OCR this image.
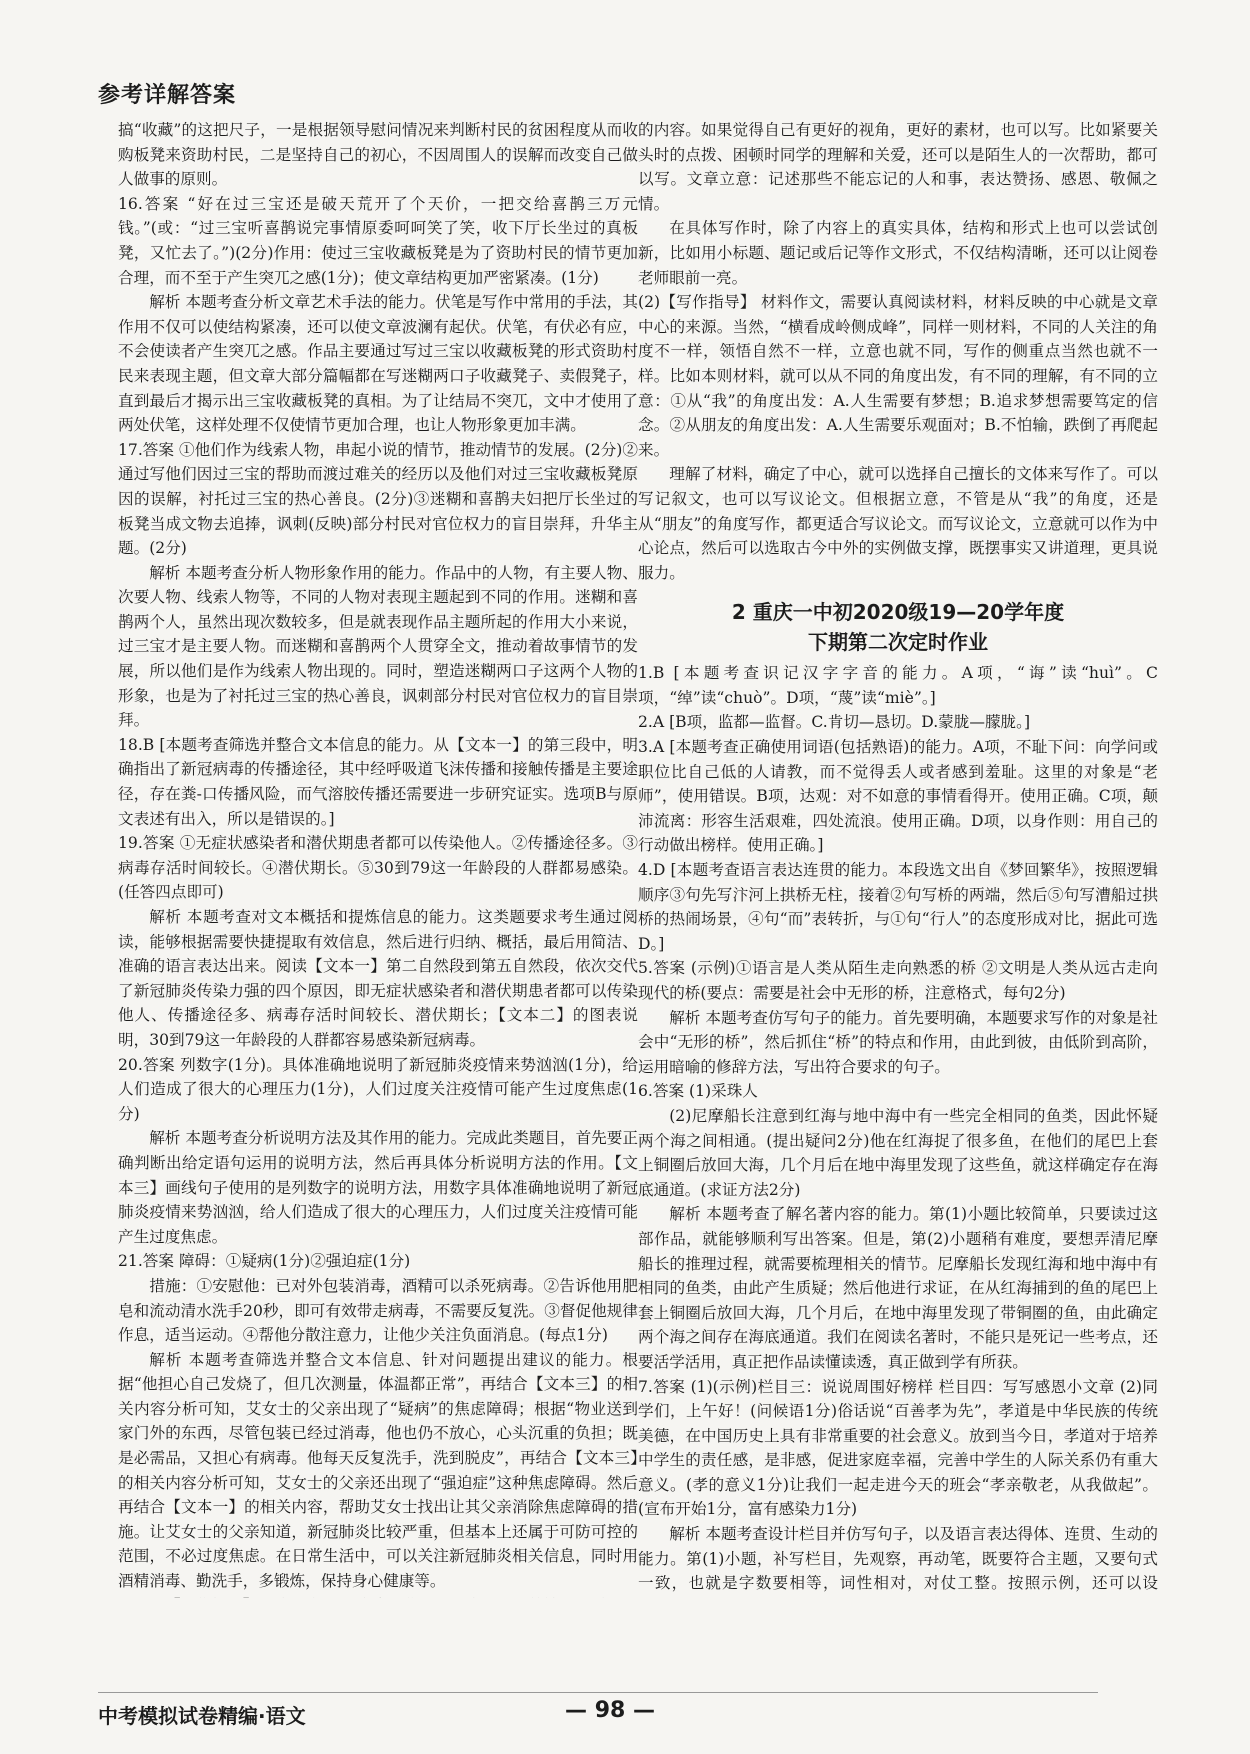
参考详解答案

搞“收藏”的这把尺子，一是根据领导慰问情况来判断村民的贫困程度从而收购板凳来资助村民，二是坚持自己的初心，不因周围人的误解而改变自己做人做事的原则。

16.答案 “好在过三宝还是破天荒开了个天价，一把交给喜鹊三万元钱。”(或：“过三宝听喜鹊说完事情原委呵呵笑了笑，收下厅长坐过的真板凳，又忙去了。”)(2分)作用：使过三宝收藏板凳是为了资助村民的情节更加合理，而不至于产生突兀之感(1分)；使文章结构更加严密紧凑。(1分)

解析 本题考查分析文章艺术手法的能力。伏笔是写作中常用的手法，其作用不仅可以使结构紧凑，还可以使文章波澜有起伏。伏笔，有伏必有应，不会使读者产生突兀之感。作品主要通过写过三宝以收藏板凳的形式资助村民来表现主题，但文章大部分篇幅都在写迷糊两口子收藏凳子、卖假凳子，直到最后才揭示出三宝收藏板凳的真相。为了让结局不突兀，文中才使用了两处伏笔，这样处理不仅使情节更加合理，也让人物形象更加丰满。

17.答案 ①他们作为线索人物，串起小说的情节，推动情节的发展。(2分)②通过写他们因过三宝的帮助而渡过难关的经历以及他们对过三宝收藏板凳原因的误解，衬托过三宝的热心善良。(2分)③迷糊和喜鹊夫妇把厅长坐过的板凳当成文物去追捧，讽刺(反映)部分村民对官位权力的盲目崇拜，升华主题。(2分)

解析 本题考查分析人物形象作用的能力。作品中的人物，有主要人物、次要人物、线索人物等，不同的人物对表现主题起到不同的作用。迷糊和喜鹊两个人，虽然出现次数较多，但是就表现作品主题所起的作用大小来说，过三宝才是主要人物。而迷糊和喜鹊两个人贯穿全文，推动着故事情节的发展，所以他们是作为线索人物出现的。同时，塑造迷糊两口子这两个人物的形象，也是为了衬托过三宝的热心善良，讽刺部分村民对官位权力的盲目崇拜。

18.B [本题考查筛选并整合文本信息的能力。从【文本一】的第三段中，明确指出了新冠病毒的传播途径，其中经呼吸道飞沫传播和接触传播是主要途径，存在粪-口传播风险，而气溶胶传播还需要进一步研究证实。选项B与原文表述有出入，所以是错误的。]

19.答案 ①无症状感染者和潜伏期患者都可以传染他人。②传播途径多。③病毒存活时间较长。④潜伏期长。⑤30到79这一年龄段的人群都易感染。(任答四点即可)

解析 本题考查对文本概括和提炼信息的能力。这类题要求考生通过阅读，能够根据需要快捷提取有效信息，然后进行归纳、概括，最后用简洁、准确的语言表达出来。阅读【文本一】第二自然段到第五自然段，依次交代了新冠肺炎传染力强的四个原因，即无症状感染者和潜伏期患者都可以传染他人、传播途径多、病毒存活时间较长、潜伏期长；【文本二】的图表说明，30到79这一年龄段的人群都容易感染新冠病毒。

20.答案 列数字(1分)。具体准确地说明了新冠肺炎疫情来势汹汹(1分)，给人们造成了很大的心理压力(1分)，人们过度关注疫情可能产生过度焦虑(1分)

解析 本题考查分析说明方法及其作用的能力。完成此类题目，首先要正确判断出给定语句运用的说明方法，然后再具体分析说明方法的作用。【文本三】画线句子使用的是列数字的说明方法，用数字具体准确地说明了新冠肺炎疫情来势汹汹，给人们造成了很大的心理压力，人们过度关注疫情可能产生过度焦虑。

21.答案 障碍：①疑病(1分)②强迫症(1分)

措施：①安慰他：已对外包装消毒，酒精可以杀死病毒。②告诉他用肥皂和流动清水洗手20秒，即可有效带走病毒，不需要反复洗。③督促他规律作息，适当运动。④帮他分散注意力，让他少关注负面消息。(每点1分)

解析 本题考查筛选并整合文本信息、针对问题提出建议的能力。根据“他担心自己发烧了，但几次测量，体温都正常”，再结合【文本三】的相关内容分析可知，艾女士的父亲出现了“疑病”的焦虑障碍；根据“物业送到家门外的东西，尽管包装已经过消毒，他也仍不放心，心头沉重的负担；既是必需品，又担心有病毒。他每天反复洗手，洗到脱皮”，再结合【文本三】的相关内容分析可知，艾女士的父亲还出现了“强迫症”这种焦虑障碍。然后再结合【文本一】的相关内容，帮助艾女士找出让其父亲消除焦虑障碍的措施。让艾女士的父亲知道，新冠肺炎比较严重，但基本上还属于可防可控的范围，不必过度焦虑。在日常生活中，可以关注新冠肺炎相关信息，同时用酒精消毒、勤洗手，多锻炼，保持身心健康等。

的内容。如果觉得自己有更好的视角，更好的素材，也可以写。比如紧要关头时的点拨、困顿时同学的理解和关爱，还可以是陌生人的一次帮助，都可以写。文章立意：记述那些不能忘记的人和事，表达赞扬、感恩、敬佩之情。

在具体写作时，除了内容上的真实具体，结构和形式上也可以尝试创新，比如用小标题、题记或后记等作文形式，不仅结构清晰，还可以让阅卷老师眼前一亮。

(2)【写作指导】 材料作文，需要认真阅读材料，材料反映的中心就是文章中心的来源。当然，“横看成岭侧成峰”，同样一则材料，不同的人关注的角度不一样，领悟自然不一样，立意也就不同，写作的侧重点当然也就不一样。比如本则材料，就可以从不同的角度出发，有不同的理解，有不同的立意：①从“我”的角度出发：A.人生需要有梦想；B.追求梦想需要笃定的信念。②从朋友的角度出发：A.人生需要乐观面对；B.不怕输，跌倒了再爬起来。

理解了材料，确定了中心，就可以选择自己擅长的文体来写作了。可以写记叙文，也可以写议论文。但根据立意，不管是从“我”的角度，还是从“朋友”的角度写作，都更适合写议论文。而写议论文，立意就可以作为中心论点，然后可以选取古今中外的实例做支撑，既摆事实又讲道理，更具说服力。

2 重庆一中初2020级19—20学年度
下期第二次定时作业

1.B [本题考查识记汉字字音的能力。A项，“诲”读“huì”。C项，“绰”读“chuò”。D项，“蔑”读“miè”。]

2.A [B项，监都—监督。C.肯切—恳切。D.蒙胧—朦胧。]

3.A [本题考查正确使用词语(包括熟语)的能力。A项，不耻下问：向学问或职位比自己低的人请教，而不觉得丢人或者感到羞耻。这里的对象是“老师”，使用错误。B项，达观：对不如意的事情看得开。使用正确。C项，颠沛流离：形容生活艰难，四处流浪。使用正确。D项，以身作则：用自己的行动做出榜样。使用正确。]

4.D [本题考查语言表达连贯的能力。本段选文出自《梦回繁华》，按照逻辑顺序③句先写汴河上拱桥无柱，接着②句写桥的两端，然后⑤句写漕船过拱桥的热闹场景，④句“而”表转折，与①句“行人”的态度形成对比，据此可选D。]

5.答案 (示例)①语言是人类从陌生走向熟悉的桥 ②文明是人类从远古走向现代的桥(要点：需要是社会中无形的桥，注意格式，每句2分)

解析 本题考查仿写句子的能力。首先要明确，本题要求写作的对象是社会中“无形的桥”，然后抓住“桥”的特点和作用，由此到彼，由低阶到高阶，运用暗喻的修辞方法，写出符合要求的句子。

6.答案 (1)采珠人

(2)尼摩船长注意到红海与地中海中有一些完全相同的鱼类，因此怀疑两个海之间相通。(提出疑问2分)他在红海捉了很多鱼，在他们的尾巴上套上铜圈后放回大海，几个月后在地中海里发现了这些鱼，就这样确定存在海底通道。(求证方法2分)

解析 本题考查了解名著内容的能力。第(1)小题比较简单，只要读过这部作品，就能够顺利写出答案。但是，第(2)小题稍有难度，要想弄清尼摩船长的推理过程，就需要梳理相关的情节。尼摩船长发现红海和地中海中有相同的鱼类，由此产生质疑；然后他进行求证，在从红海捕到的鱼的尾巴上套上铜圈后放回大海，几个月后，在地中海里发现了带铜圈的鱼，由此确定两个海之间存在海底通道。我们在阅读名著时，不能只是死记一些考点，还要活学活用，真正把作品读懂读透，真正做到学有所获。

7.答案 (1)(示例)栏目三：说说周围好榜样 栏目四：写写感恩小文章 (2)同学们，上午好！(问候语1分)俗话说“百善孝为先”，孝道是中华民族的传统美德，在中国历史上具有非常重要的社会意义。放到当今日，孝道对于培养中学生的责任感，是非感，促进家庭幸福，完善中学生的人际关系仍有重大意义。(孝的意义1分)让我们一起走进今天的班会“孝亲敬老，从我做起”。(宣布开始1分，富有感染力1分)

解析 本题考查设计栏目并仿写句子，以及语言表达得体、连贯、生动的能力。第(1)小题，补写栏目，先观察，再动笔，既要符合主题，又要句式一致，也就是字数要相等，词性相对，对仗工整。按照示例，还可以设

中考模拟试卷精编·语文	— 98 —
